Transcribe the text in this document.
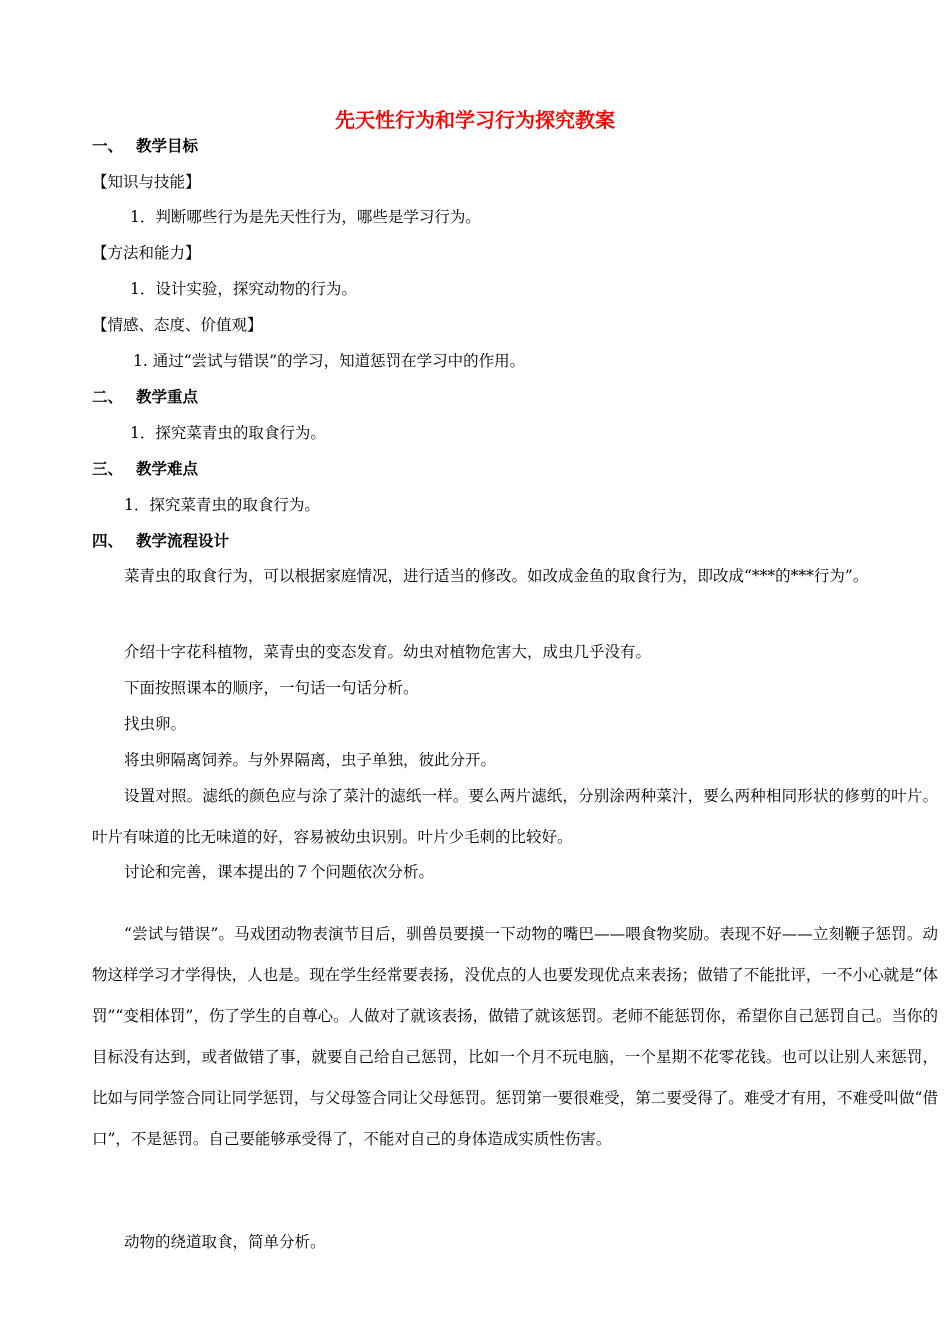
先天性行为和学习行为探究教案
一、 教学目标
【知识与技能】
1．判断哪些行为是先天性行为，哪些是学习行为。
【方法和能力】
1．设计实验，探究动物的行为。
【情感、态度、价值观】
1. 通过“尝试与错误”的学习，知道惩罚在学习中的作用。
二、 教学重点
1．探究菜青虫的取食行为。
三、 教学难点
1．探究菜青虫的取食行为。
四、 教学流程设计
菜青虫的取食行为，可以根据家庭情况，进行适当的修改。如改成金鱼的取食行为，即改成“***的***行为”。
介绍十字花科植物，菜青虫的变态发育。幼虫对植物危害大，成虫几乎没有。
下面按照课本的顺序，一句话一句话分析。
找虫卵。
将虫卵隔离饲养。与外界隔离，虫子单独，彼此分开。
设置对照。滤纸的颜色应与涂了菜汁的滤纸一样。要么两片滤纸，分别涂两种菜汁，要么两种相同形状的修剪的叶片。叶片有味道的比无味道的好，容易被幼虫识别。叶片少毛刺的比较好。
讨论和完善，课本提出的７个问题依次分析。
“尝试与错误”。马戏团动物表演节目后，驯兽员要摸一下动物的嘴巴——喂食物奖励。表现不好——立刻鞭子惩罚。动物这样学习才学得快，人也是。现在学生经常要表扬，没优点的人也要发现优点来表扬；做错了不能批评，一不小心就是“体罚”“变相体罚”，伤了学生的自尊心。人做对了就该表扬，做错了就该惩罚。老师不能惩罚你，希望你自己惩罚自己。当你的目标没有达到，或者做错了事，就要自己给自己惩罚，比如一个月不玩电脑，一个星期不花零花钱。也可以让别人来惩罚，比如与同学签合同让同学惩罚，与父母签合同让父母惩罚。惩罚第一要很难受，第二要受得了。难受才有用，不难受叫做“借口”，不是惩罚。自己要能够承受得了，不能对自己的身体造成实质性伤害。
动物的绕道取食，简单分析。
